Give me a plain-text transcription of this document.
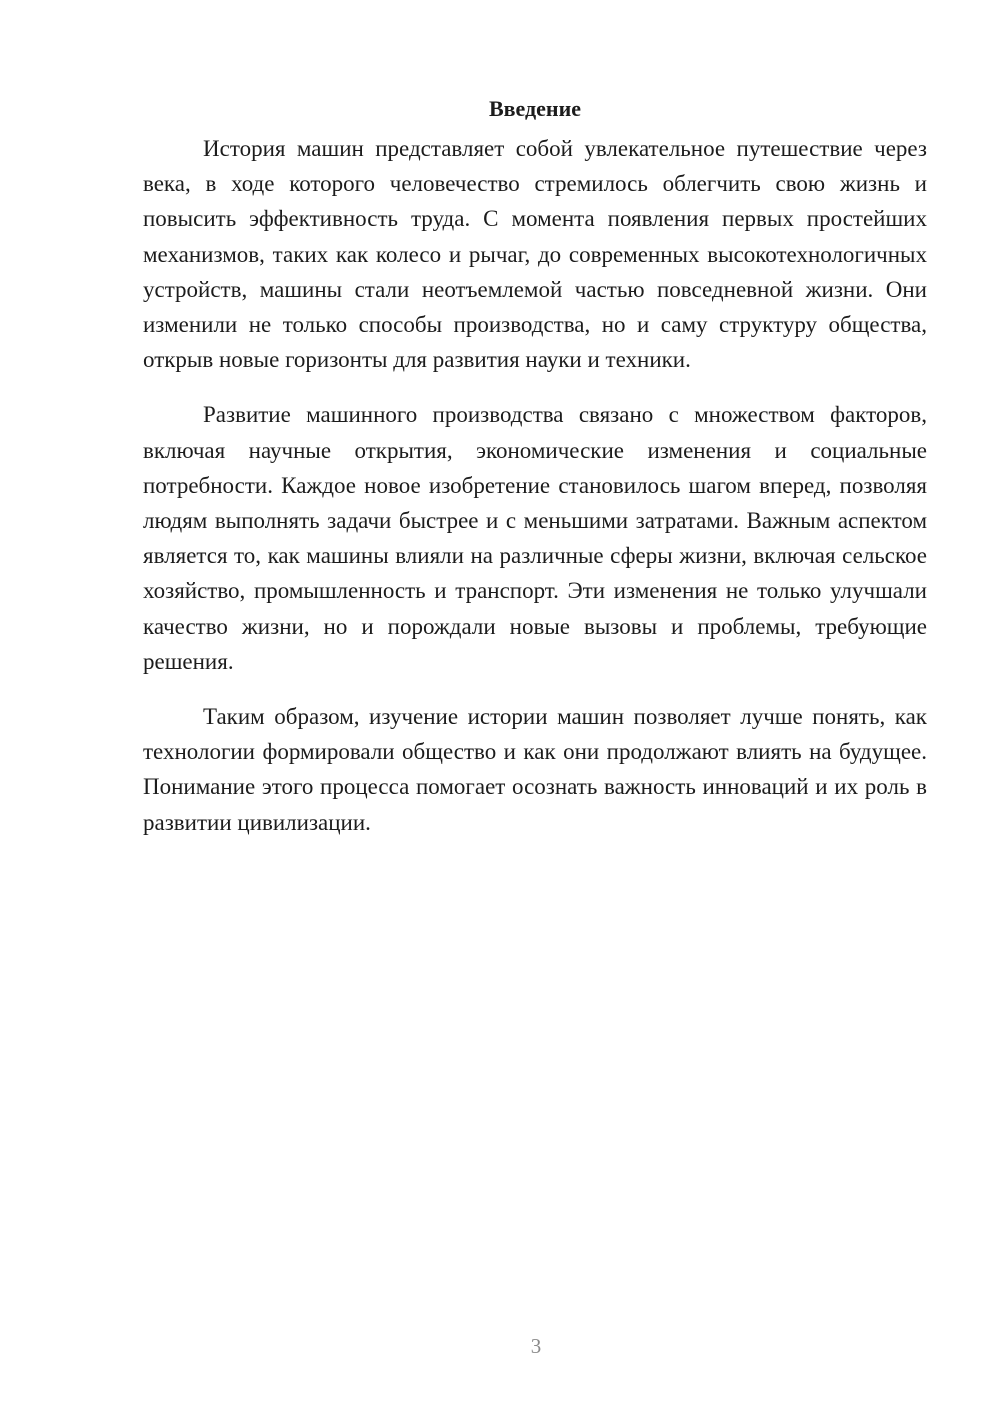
Введение

История машин представляет собой увлекательное путешествие через века, в ходе которого человечество стремилось облегчить свою жизнь и повысить эффективность труда. С момента появления первых простейших механизмов, таких как колесо и рычаг, до современных высокотехнологичных устройств, машины стали неотъемлемой частью повседневной жизни. Они изменили не только способы производства, но и саму структуру общества, открыв новые горизонты для развития науки и техники.

Развитие машинного производства связано с множеством факторов, включая научные открытия, экономические изменения и социальные потребности. Каждое новое изобретение становилось шагом вперед, позволяя людям выполнять задачи быстрее и с меньшими затратами. Важным аспектом является то, как машины влияли на различные сферы жизни, включая сельское хозяйство, промышленность и транспорт. Эти изменения не только улучшали качество жизни, но и порождали новые вызовы и проблемы, требующие решения.

Таким образом, изучение истории машин позволяет лучше понять, как технологии формировали общество и как они продолжают влиять на будущее. Понимание этого процесса помогает осознать важность инноваций и их роль в развитии цивилизации.

3
